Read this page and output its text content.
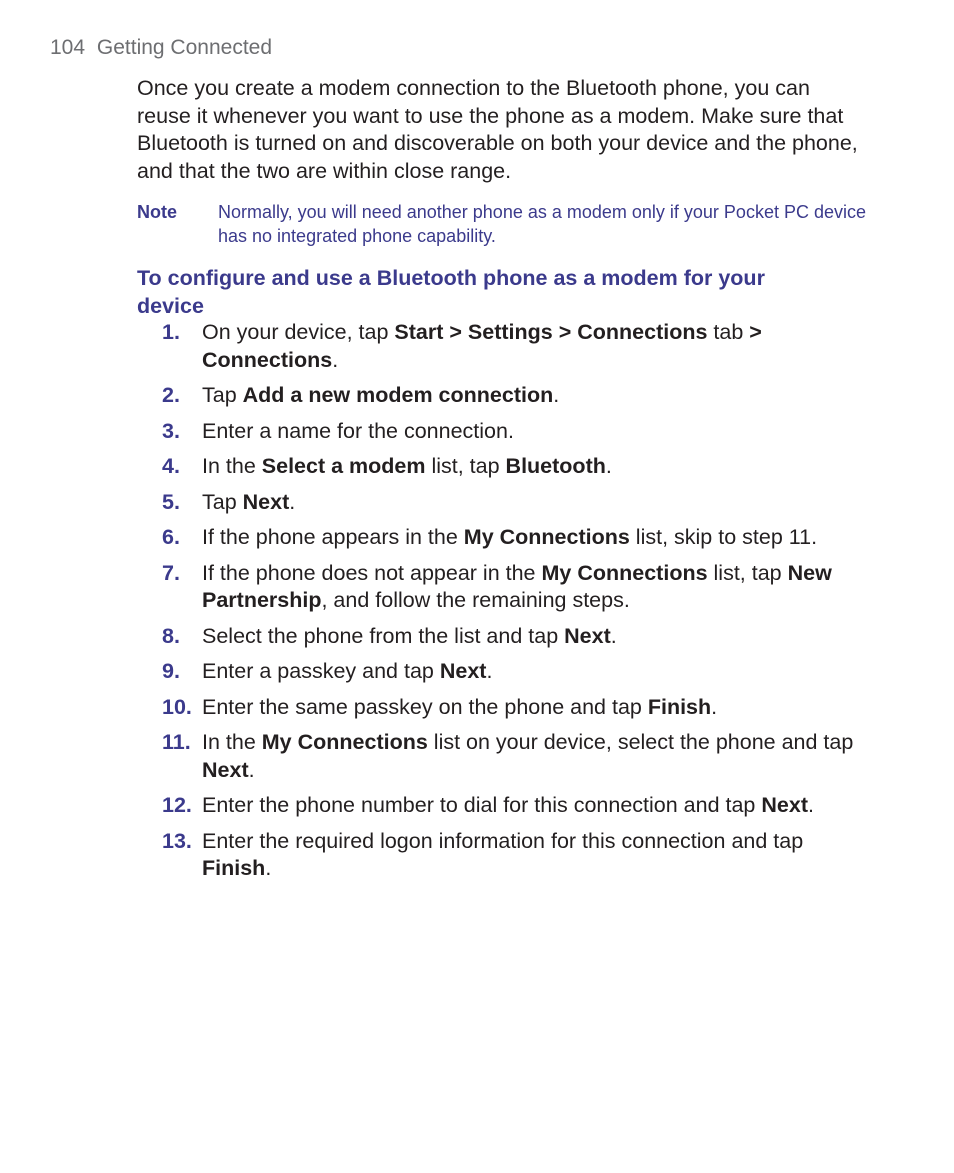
104 Getting Connected

Once you create a modem connection to the Bluetooth phone, you can reuse it whenever you want to use the phone as a modem. Make sure that Bluetooth is turned on and discoverable on both your device and the phone, and that the two are within close range.

Note Normally, you will need another phone as a modem only if your Pocket PC device has no integrated phone capability.
To configure and use a Bluetooth phone as a modem for your device
1. On your device, tap Start > Settings > Connections tab > Connections.
2. Tap Add a new modem connection.
3. Enter a name for the connection.
4. In the Select a modem list, tap Bluetooth.
5. Tap Next.
6. If the phone appears in the My Connections list, skip to step 11.
7. If the phone does not appear in the My Connections list, tap New Partnership, and follow the remaining steps.
8. Select the phone from the list and tap Next.
9. Enter a passkey and tap Next.
10. Enter the same passkey on the phone and tap Finish.
11. In the My Connections list on your device, select the phone and tap Next.
12. Enter the phone number to dial for this connection and tap Next.
13. Enter the required logon information for this connection and tap Finish.
